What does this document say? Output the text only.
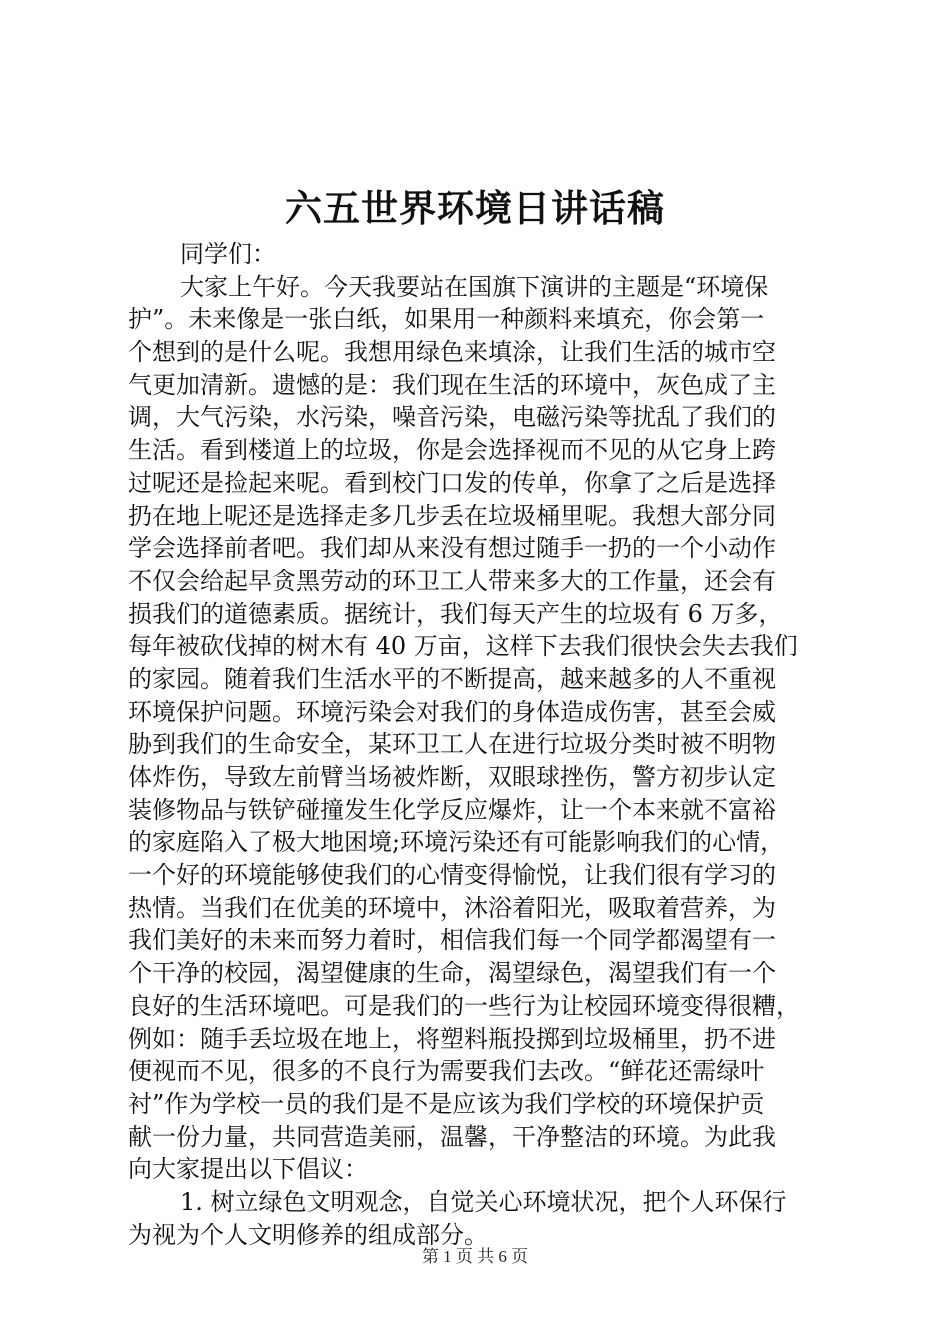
六五世界环境日讲话稿
同学们：
大家上午好。今天我要站在国旗下演讲的主题是“环境保
护”。未来像是一张白纸，如果用一种颜料来填充，你会第一
个想到的是什么呢。我想用绿色来填涂，让我们生活的城市空
气更加清新。遗憾的是：我们现在生活的环境中，灰色成了主
调，大气污染，水污染，噪音污染，电磁污染等扰乱了我们的
生活。看到楼道上的垃圾，你是会选择视而不见的从它身上跨
过呢还是捡起来呢。看到校门口发的传单，你拿了之后是选择
扔在地上呢还是选择走多几步丢在垃圾桶里呢。我想大部分同
学会选择前者吧。我们却从来没有想过随手一扔的一个小动作
不仅会给起早贪黑劳动的环卫工人带来多大的工作量，还会有
损我们的道德素质。据统计，我们每天产生的垃圾有 6 万多，
每年被砍伐掉的树木有 40 万亩，这样下去我们很快会失去我们
的家园。随着我们生活水平的不断提高，越来越多的人不重视
环境保护问题。环境污染会对我们的身体造成伤害，甚至会威
胁到我们的生命安全，某环卫工人在进行垃圾分类时被不明物
体炸伤，导致左前臂当场被炸断，双眼球挫伤，警方初步认定
装修物品与铁铲碰撞发生化学反应爆炸，让一个本来就不富裕
的家庭陷入了极大地困境;环境污染还有可能影响我们的心情，
一个好的环境能够使我们的心情变得愉悦，让我们很有学习的
热情。当我们在优美的环境中，沐浴着阳光，吸取着营养，为
我们美好的未来而努力着时，相信我们每一个同学都渴望有一
个干净的校园，渴望健康的生命，渴望绿色，渴望我们有一个
良好的生活环境吧。可是我们的一些行为让校园环境变得很糟，
例如：随手丢垃圾在地上，将塑料瓶投掷到垃圾桶里，扔不进
便视而不见，很多的不良行为需要我们去改。“鲜花还需绿叶
衬”作为学校一员的我们是不是应该为我们学校的环境保护贡
献一份力量，共同营造美丽，温馨，干净整洁的环境。为此我
向大家提出以下倡议：
1. 树立绿色文明观念，自觉关心环境状况，把个人环保行
为视为个人文明修养的组成部分。
第 1 页 共 6 页
